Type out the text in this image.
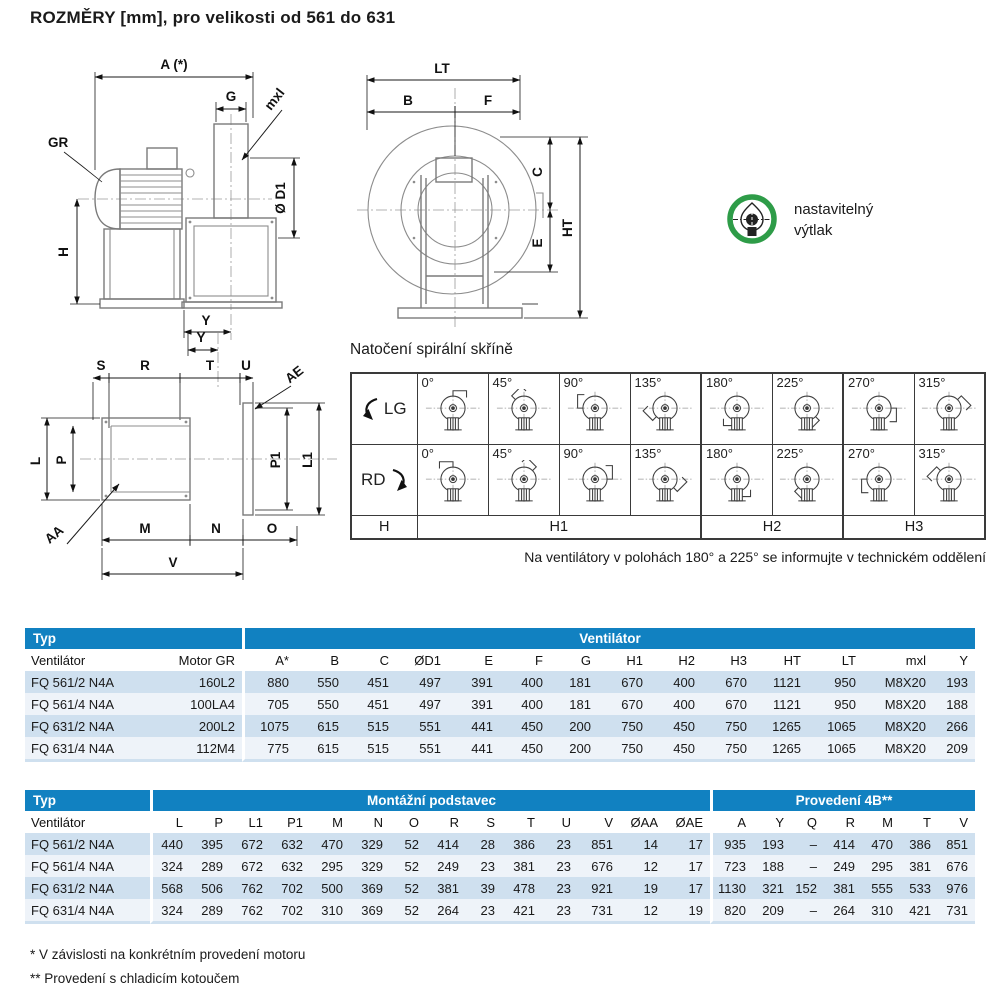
ROZMĚRY [mm], pro velikosti od 561 do 631
A (*)
G mxl
GR
Ø D1
H
Y
LT
B	F
C
E
HT
Y
S	R	T U AE
L P	P1 L1
AA	M	N	O
V
nastavitelný
výtlak
Natočení spirální skříně
LG	0°	45°	90°	135°	180°	225°	270°	315°

RD	0°	45°	90°	135°	180°	225°	270°	315°

H	H1				H2		H3	
Na ventilátory v polohách 180° a 225° se informujte v technickém oddělení
Typ		Ventilátor													
Ventilátor	Motor GR	A*	B	C	ØD1	E	F	G	H1	H2	H3	HT	LT	mxl	Y
FQ 561/2 N4A	160L2	880	550	451	497	391	400	181	670	400	670	1121	950	M8X20	193
FQ 561/4 N4A	100LA4	705	550	451	497	391	400	181	670	400	670	1121	950	M8X20	188
FQ 631/2 N4A	200L2	1075	615	515	551	441	450	200	750	450	750	1265	1065	M8X20	266
FQ 631/4 N4A	112M4	775	615	515	551	441	450	200	750	450	750	1265	1065	M8X20	209
Typ	Montážní podstavec														Provedení 4B**						
Ventilátor	L	P	L1	P1	M	N	O	R	S	T	U	V	ØAA	ØAE	A	Y	Q	R	M	T	V
FQ 561/2 N4A	440	395	672	632	470	329	52	414	28	386	23	851	14	17	935	193	–	414	470	386	851
FQ 561/4 N4A	324	289	672	632	295	329	52	249	23	381	23	676	12	17	723	188	–	249	295	381	676
FQ 631/2 N4A	568	506	762	702	500	369	52	381	39	478	23	921	19	17	1130	321	152	381	555	533	976
FQ 631/4 N4A	324	289	762	702	310	369	52	264	23	421	23	731	12	19	820	209	–	264	310	421	731
* V závislosti na konkrétním provedení motoru
** Provedení s chladicím kotoučem
